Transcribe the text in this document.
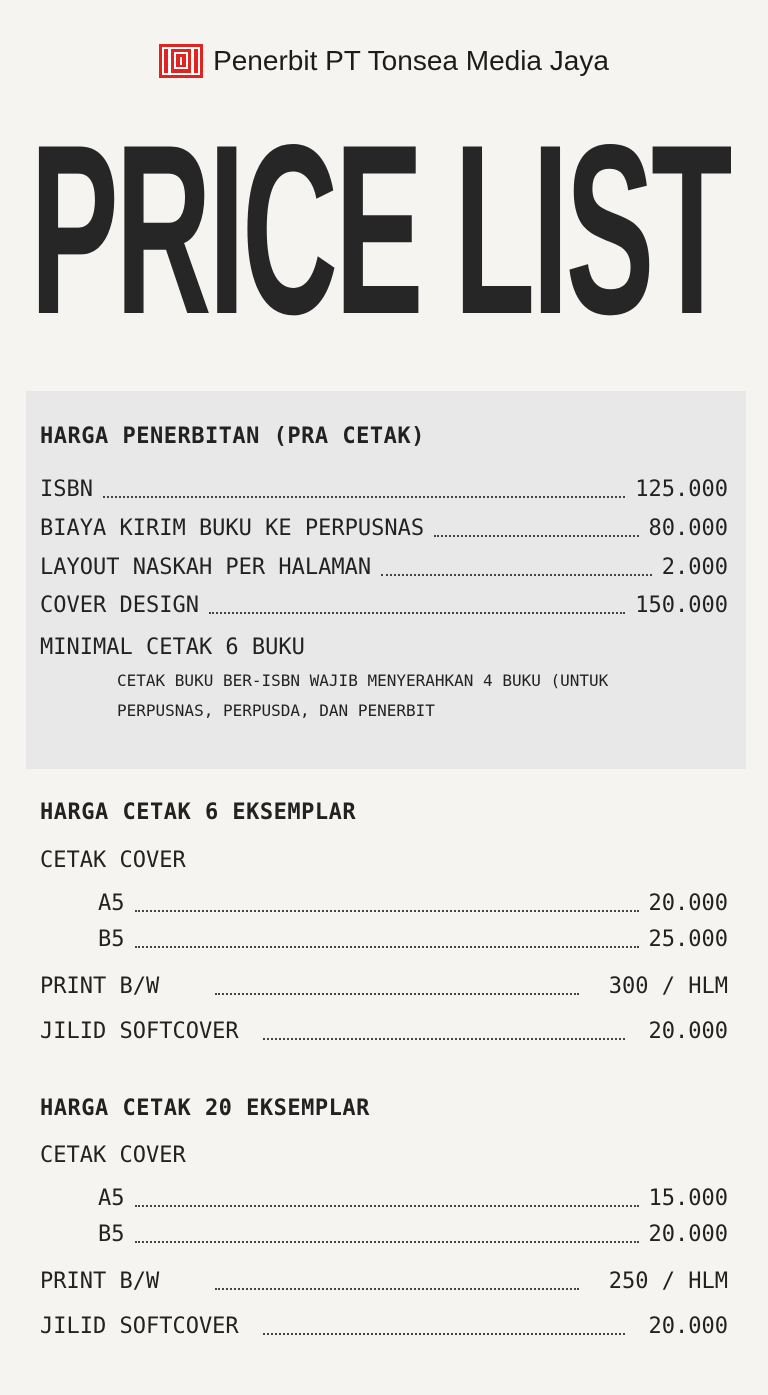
Penerbit PT Tonsea Media Jaya
PRICE LIST
HARGA PENERBITAN (PRA CETAK)
ISBN	125.000
BIAYA KIRIM BUKU KE PERPUSNAS	80.000
LAYOUT NASKAH PER HALAMAN	2.000
COVER DESIGN	150.000
MINIMAL CETAK 6 BUKU
CETAK BUKU BER-ISBN WAJIB MENYERAHKAN 4 BUKU (UNTUK PERPUSNAS, PERPUSDA, DAN PENERBIT
HARGA CETAK 6 EKSEMPLAR
CETAK COVER
A5	20.000
B5	25.000
PRINT B/W	300 / HLM
JILID SOFTCOVER	20.000
HARGA CETAK 20 EKSEMPLAR
CETAK COVER
A5	15.000
B5	20.000
PRINT B/W	250 / HLM
JILID SOFTCOVER	20.000
